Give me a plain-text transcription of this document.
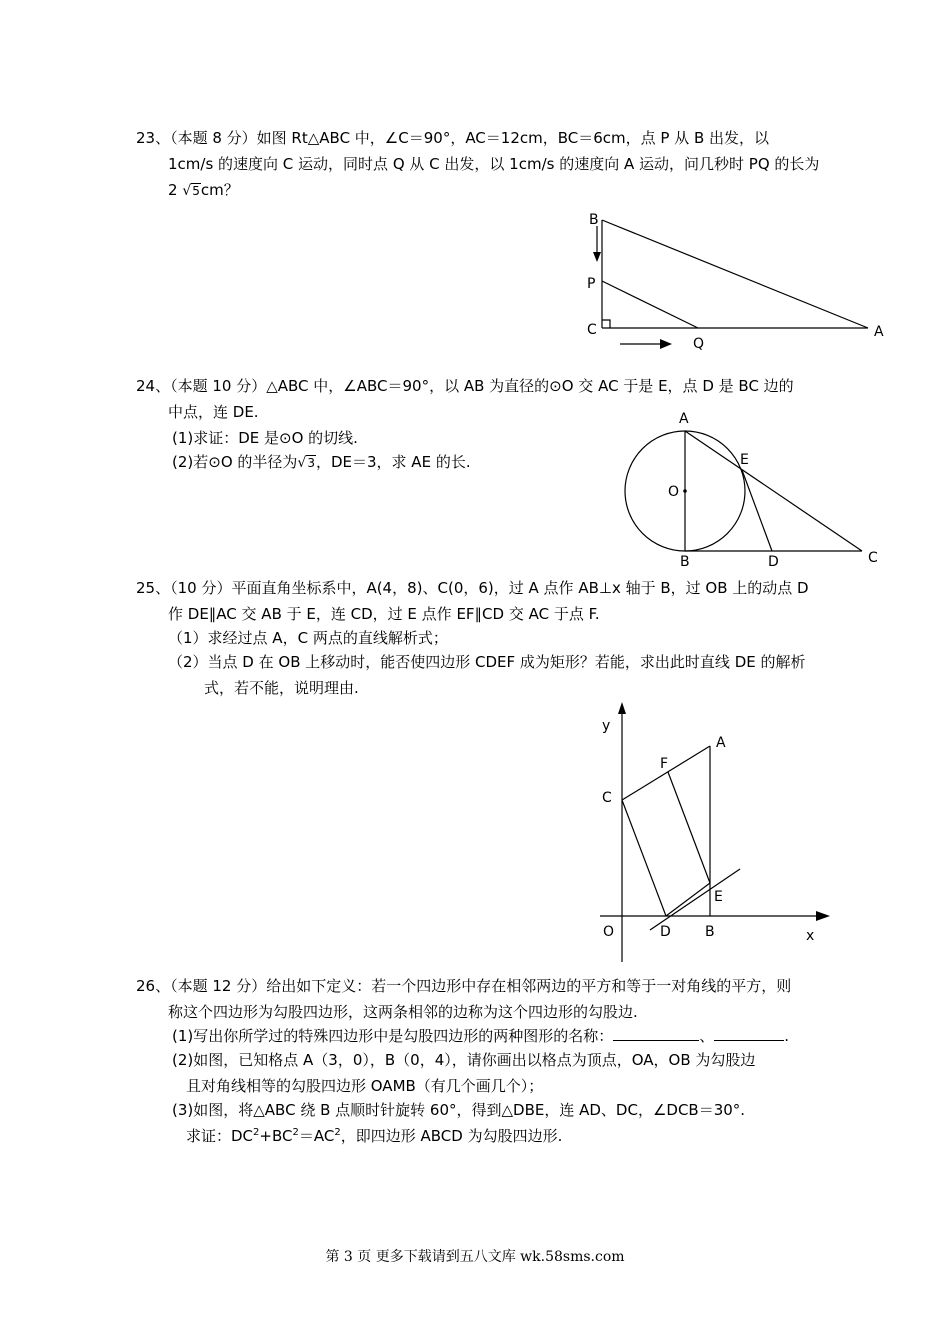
23、（本题 8 分）如图 Rt△ABC 中，∠C＝90°，AC＝12cm，BC＝6cm，点 P 从 B 出发，以
1cm/s 的速度向 C 运动，同时点 Q 从 C 出发，以 1cm/s 的速度向 A 运动，问几秒时 PQ 的长为
2 √5cm？
B
P
C
Q
A
24、（本题 10 分）△ABC 中，∠ABC＝90°，以 AB 为直径的⊙O 交 AC 于是 E，点 D 是 BC 边的
中点，连 DE.
(1)求证：DE 是⊙O 的切线.
(2)若⊙O 的半径为√3，DE＝3，求 AE 的长.
A
E
O
B	D	C
25、（10 分）平面直角坐标系中，A(4，8)、C(0，6)，过 A 点作 AB⊥x 轴于 B，过 OB 上的动点 D
作 DE∥AC 交 AB 于 E，连 CD，过 E 点作 EF∥CD 交 AC 于点 F.
（1）求经过点 A，C 两点的直线解析式；
（2）当点 D 在 OB 上移动时，能否使四边形 CDEF 成为矩形？若能，求出此时直线 DE 的解析
式，若不能，说明理由.
y
A
F
C
E
O	D B	x
26、（本题 12 分）给出如下定义：若一个四边形中存在相邻两边的平方和等于一对角线的平方，则
称这个四边形为勾股四边形，这两条相邻的边称为这个四边形的勾股边.
(1)写出你所学过的特殊四边形中是勾股四边形的两种图形的名称：	、	.
(2)如图，已知格点 A（3，0），B（0，4），请你画出以格点为顶点，OA，OB 为勾股边
且对角线相等的勾股四边形 OAMB（有几个画几个）；
(3)如图，将△ABC 绕 B 点顺时针旋转 60°，得到△DBE，连 AD、DC，∠DCB＝30°.
求证：$DC^2+BC^2=AC^2$，即四边形 ABCD 为勾股四边形.
第 3 页 更多下载请到五八文库 wk.58sms.com
